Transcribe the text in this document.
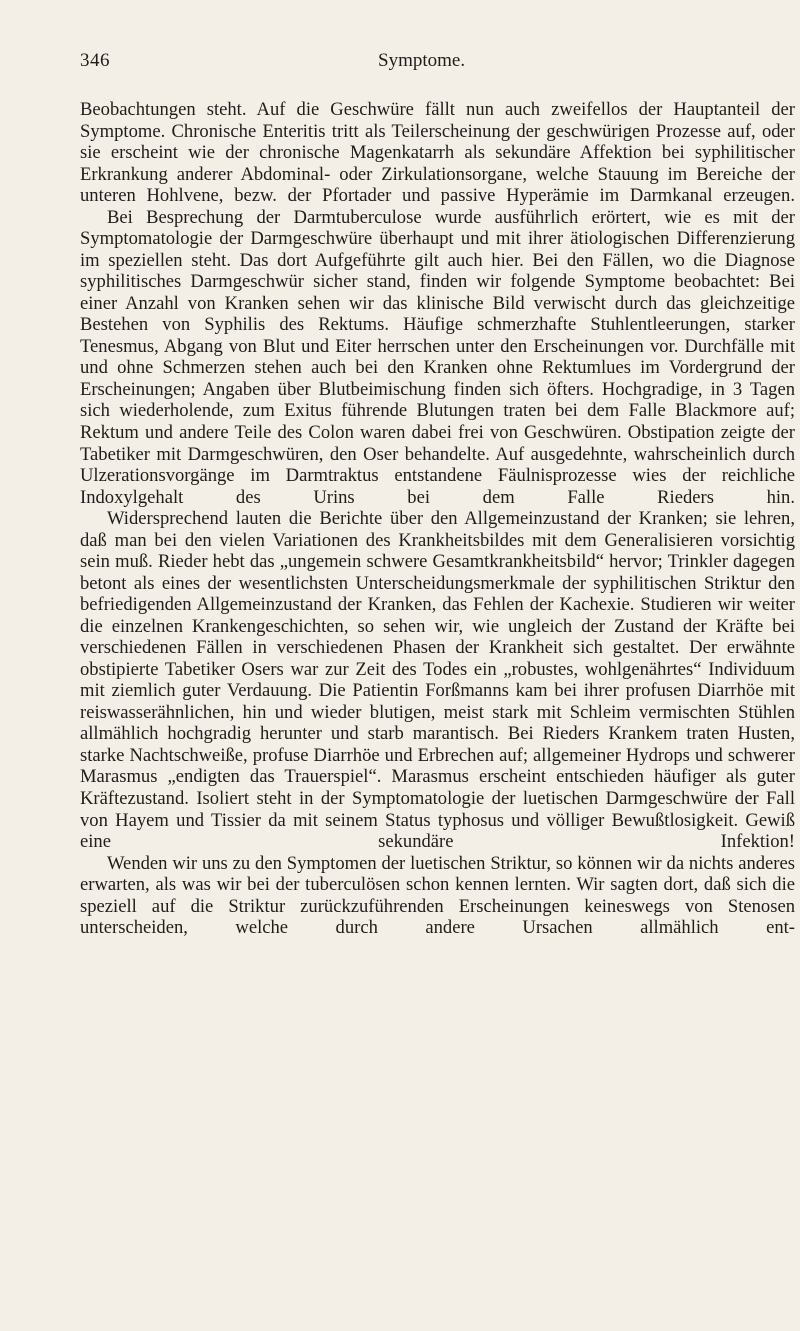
346	Symptome.

Beobachtungen steht. Auf die Geschwüre fällt nun auch zweifellos der Hauptanteil der Symptome. Chronische Enteritis tritt als Teilerscheinung der geschwürigen Prozesse auf, oder sie erscheint wie der chronische Magenkatarrh als sekundäre Affektion bei syphilitischer Erkrankung anderer Abdominal- oder Zirkulationsorgane, welche Stauung im Bereiche der unteren Hohlvene, bezw. der Pfortader und passive Hyperämie im Darmkanal erzeugen.

Bei Besprechung der Darmtuberculose wurde ausführlich erörtert, wie es mit der Symptomatologie der Darmgeschwüre überhaupt und mit ihrer ätiologischen Differenzierung im speziellen steht. Das dort Aufgeführte gilt auch hier. Bei den Fällen, wo die Diagnose syphilitisches Darmgeschwür sicher stand, finden wir folgende Symptome beobachtet: Bei einer Anzahl von Kranken sehen wir das klinische Bild verwischt durch das gleichzeitige Bestehen von Syphilis des Rektums. Häufige schmerzhafte Stuhlentleerungen, starker Tenesmus, Abgang von Blut und Eiter herrschen unter den Erscheinungen vor. Durchfälle mit und ohne Schmerzen stehen auch bei den Kranken ohne Rektumlues im Vordergrund der Erscheinungen; Angaben über Blutbeimischung finden sich öfters. Hochgradige, in 3 Tagen sich wiederholende, zum Exitus führende Blutungen traten bei dem Falle Blackmore auf; Rektum und andere Teile des Colon waren dabei frei von Geschwüren. Obstipation zeigte der Tabetiker mit Darmgeschwüren, den Oser behandelte. Auf ausgedehnte, wahrscheinlich durch Ulzerationsvorgänge im Darmtraktus entstandene Fäulnisprozesse wies der reichliche Indoxylgehalt des Urins bei dem Falle Rieders hin.

Widersprechend lauten die Berichte über den Allgemeinzustand der Kranken; sie lehren, daß man bei den vielen Variationen des Krankheitsbildes mit dem Generalisieren vorsichtig sein muß. Rieder hebt das „ungemein schwere Gesamtkrankheitsbild“ hervor; Trinkler dagegen betont als eines der wesentlichsten Unterscheidungsmerkmale der syphilitischen Striktur den befriedigenden Allgemeinzustand der Kranken, das Fehlen der Kachexie. Studieren wir weiter die einzelnen Krankengeschichten, so sehen wir, wie ungleich der Zustand der Kräfte bei verschiedenen Fällen in verschiedenen Phasen der Krankheit sich gestaltet. Der erwähnte obstipierte Tabetiker Osers war zur Zeit des Todes ein „robustes, wohlgenährtes“ Individuum mit ziemlich guter Verdauung. Die Patientin Forßmanns kam bei ihrer profusen Diarrhöe mit reiswasserähnlichen, hin und wieder blutigen, meist stark mit Schleim vermischten Stühlen allmählich hochgradig herunter und starb marantisch. Bei Rieders Krankem traten Husten, starke Nachtschweiße, profuse Diarrhöe und Erbrechen auf; allgemeiner Hydrops und schwerer Marasmus „endigten das Trauerspiel“. Marasmus erscheint entschieden häufiger als guter Kräftezustand. Isoliert steht in der Symptomatologie der luetischen Darmgeschwüre der Fall von Hayem und Tissier da mit seinem Status typhosus und völliger Bewußtlosigkeit. Gewiß eine sekundäre Infektion!

Wenden wir uns zu den Symptomen der luetischen Striktur, so können wir da nichts anderes erwarten, als was wir bei der tuberculösen schon kennen lernten. Wir sagten dort, daß sich die speziell auf die Striktur zurückzuführenden Erscheinungen keineswegs von Stenosen unterscheiden, welche durch andere Ursachen allmählich ent-
